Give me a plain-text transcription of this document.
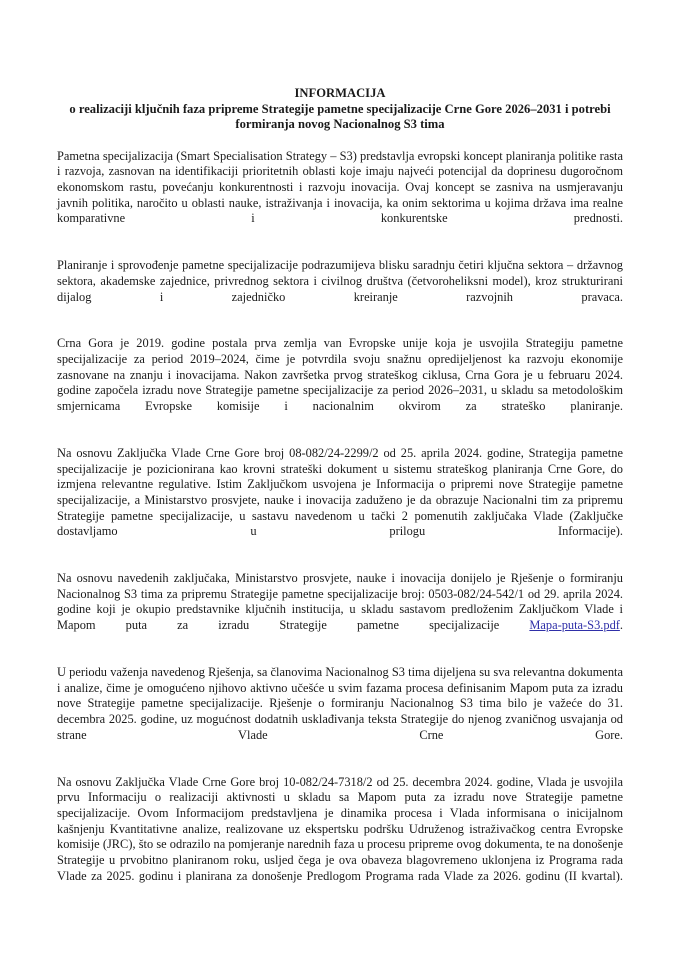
INFORMACIJA
o realizaciji ključnih faza pripreme Strategije pametne specijalizacije Crne Gore 2026–2031 i potrebi formiranja novog Nacionalnog S3 tima

Pametna specijalizacija (Smart Specialisation Strategy – S3) predstavlja evropski koncept planiranja politike rasta i razvoja, zasnovan na identifikaciji prioritetnih oblasti koje imaju najveći potencijal da doprinesu dugoročnom ekonomskom rastu, povećanju konkurentnosti i razvoju inovacija. Ovaj koncept se zasniva na usmjeravanju javnih politika, naročito u oblasti nauke, istraživanja i inovacija, ka onim sektorima u kojima država ima realne komparativne i konkurentske prednosti.

Planiranje i sprovođenje pametne specijalizacije podrazumijeva blisku saradnju četiri ključna sektora – državnog sektora, akademske zajednice, privrednog sektora i civilnog društva (četvoroheliksni model), kroz strukturirani dijalog i zajedničko kreiranje razvojnih pravaca.

Crna Gora je 2019. godine postala prva zemlja van Evropske unije koja je usvojila Strategiju pametne specijalizacije za period 2019–2024, čime je potvrdila svoju snažnu opredijeljenost ka razvoju ekonomije zasnovane na znanju i inovacijama. Nakon završetka prvog strateškog ciklusa, Crna Gora je u februaru 2024. godine započela izradu nove Strategije pametne specijalizacije za period 2026–2031, u skladu sa metodološkim smjernicama Evropske komisije i nacionalnim okvirom za strateško planiranje.

Na osnovu Zaključka Vlade Crne Gore broj 08-082/24-2299/2 od 25. aprila 2024. godine, Strategija pametne specijalizacije je pozicionirana kao krovni strateški dokument u sistemu strateškog planiranja Crne Gore, do izmjena relevantne regulative. Istim Zaključkom usvojena je Informacija o pripremi nove Strategije pametne specijalizacije, a Ministarstvo prosvjete, nauke i inovacija zaduženo je da obrazuje Nacionalni tim za pripremu Strategije pametne specijalizacije, u sastavu navedenom u tački 2 pomenutih zaključaka Vlade (Zaključke dostavljamo u prilogu Informacije).

Na osnovu navedenih zaključaka, Ministarstvo prosvjete, nauke i inovacija donijelo je Rješenje o formiranju Nacionalnog S3 tima za pripremu Strategije pametne specijalizacije broj: 0503-082/24-542/1 od 29. aprila 2024. godine koji je okupio predstavnike ključnih institucija, u skladu sastavom predloženim Zaključkom Vlade i Mapom puta za izradu Strategije pametne specijalizacije Mapa-puta-S3.pdf.

U periodu važenja navedenog Rješenja, sa članovima Nacionalnog S3 tima dijeljena su sva relevantna dokumenta i analize, čime je omogućeno njihovo aktivno učešće u svim fazama procesa definisanim Mapom puta za izradu nove Strategije pametne specijalizacije. Rješenje o formiranju Nacionalnog S3 tima bilo je važeće do 31. decembra 2025. godine, uz mogućnost dodatnih usklađivanja teksta Strategije do njenog zvaničnog usvajanja od strane Vlade Crne Gore.

Na osnovu Zaključka Vlade Crne Gore broj 10-082/24-7318/2 od 25. decembra 2024. godine, Vlada je usvojila prvu Informaciju o realizaciji aktivnosti u skladu sa Mapom puta za izradu nove Strategije pametne specijalizacije. Ovom Informacijom predstavljena je dinamika procesa i Vlada informisana o inicijalnom kašnjenju Kvantitativne analize, realizovane uz ekspertsku podršku Udruženog istraživačkog centra Evropske komisije (JRC), što se odrazilo na pomjeranje narednih faza u procesu pripreme ovog dokumenta, te na donošenje Strategije u prvobitno planiranom roku, usljed čega je ova obaveza blagovremeno uklonjena iz Programa rada Vlade za 2025. godinu i planirana za donošenje Predlogom Programa rada Vlade za 2026. godinu (II kvartal).
